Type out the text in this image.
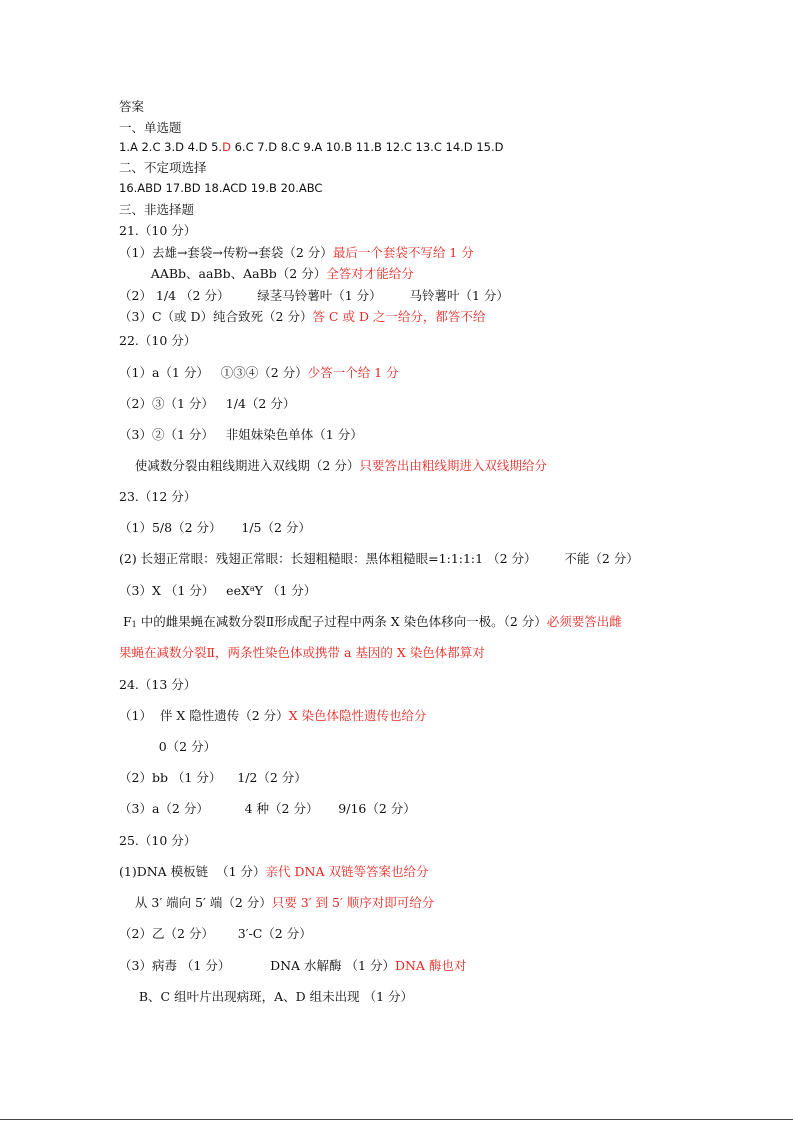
答案
一、单选题
1.A 2.C 3.D 4.D 5.D 6.C 7.D 8.C 9.A 10.B 11.B 12.C 13.C 14.D 15.D
二、不定项选择
16.ABD 17.BD 18.ACD 19.B 20.ABC
三、非选择题
21.（10 分）
（1）去雄→套袋→传粉→套袋（2 分）最后一个套袋不写给 1 分
AABb、aaBb、AaBb（2 分）全答对才能给分
（2） 1/4 （2 分）       绿茎马铃薯叶（1 分）       马铃薯叶（1 分）
（3）C（或 D）纯合致死（2 分）答 C 或 D 之一给分，都答不给
22.（10 分）
（1）a（1 分）   ①③④（2 分）少答一个给 1 分
（2）③（1 分）   1/4（2 分）
（3）②（1 分）   非姐妹染色单体（1 分）
使减数分裂由粗线期进入双线期（2 分）只要答出由粗线期进入双线期给分
23.（12 分）
（1）5/8（2 分）     1/5（2 分）
(2) 长翅正常眼：残翅正常眼：长翅粗糙眼：黑体粗糙眼=1:1:1:1 （2 分）       不能（2 分）
（3）X （1 分）   eeX$^a$Y （1 分）
$F_1$ 中的雌果蝇在减数分裂Ⅱ形成配子过程中两条 X 染色体移向一极。（2 分）必须要答出雌
果蝇在减数分裂Ⅱ，两条性染色体或携带 a 基因的 X 染色体都算对
24.（13 分）
（1）  伴 X 隐性遗传（2 分）X 染色体隐性遗传也给分
0（2 分）
（2）bb （1 分）    1/2（2 分）
（3）a（2 分）         4 种（2 分）     9/16（2 分）
25.（10 分）
(1)DNA 模板链  （1 分）亲代 DNA 双链等答案也给分
从 3′ 端向 5′ 端（2 分）只要 3′ 到 5′ 顺序对即可给分
（2）乙（2 分）      3′-C（2 分）
（3）病毒 （1 分）          DNA 水解酶 （1 分）DNA 酶也对
B、C 组叶片出现病斑，A、D 组未出现 （1 分）
